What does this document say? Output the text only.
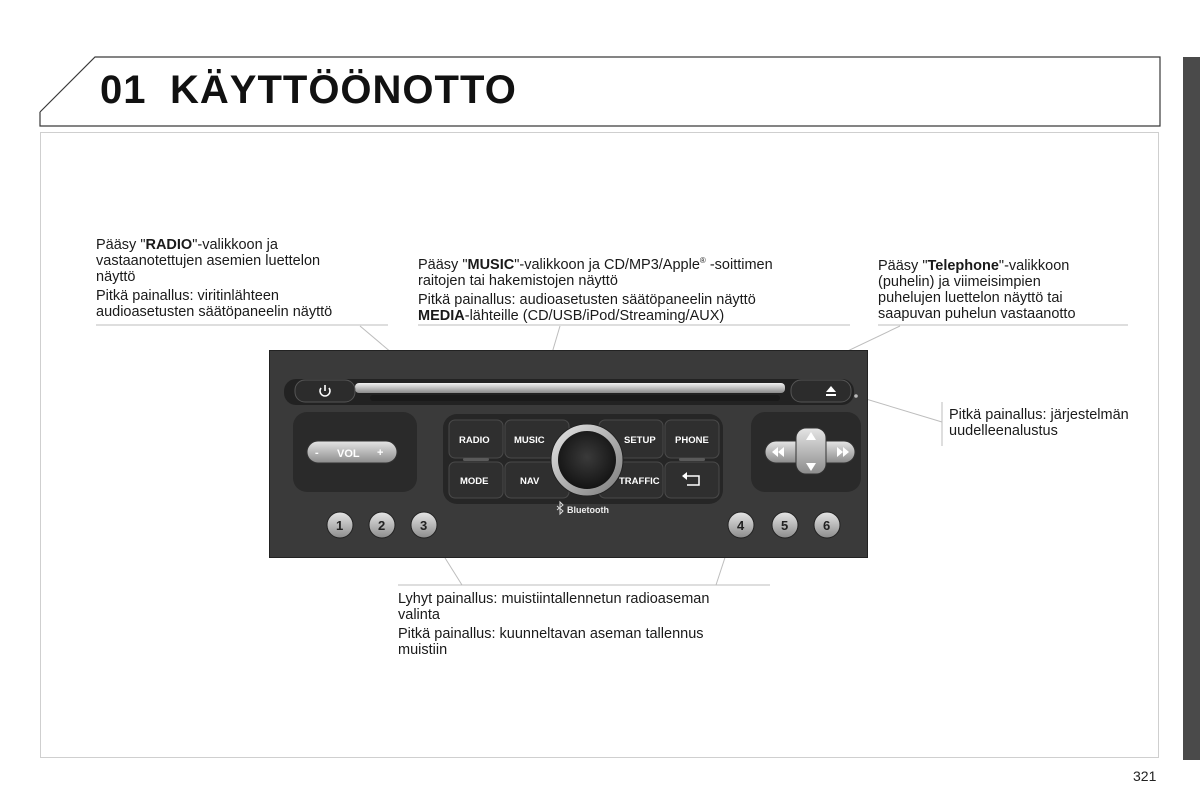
01 KÄYTTÖÖNOTTO

Pääsy "RADIO"-valikkoon ja
vastaanotettujen asemien luettelon
näyttö

Pitkä painallus: viritinlähteen
audioasetusten säätöpaneelin näyttö

Pääsy "MUSIC"-valikkoon ja CD/MP3/Apple® -soittimen
raitojen tai hakemistojen näyttö

Pitkä painallus: audioasetusten säätöpaneelin näyttö
MEDIA-lähteille (CD/USB/iPod/Streaming/AUX)

Pääsy "Telephone"-valikkoon
(puhelin) ja viimeisimpien
puhelujen luettelon näyttö tai
saapuvan puhelun vastaanotto

Pitkä painallus: järjestelmän
uudelleenalustus

Lyhyt painallus: muistiintallennetun radioaseman
valinta

Pitkä painallus: kuunneltavan aseman tallennus
muistiin

- VOL +
RADIO	MUSIC	SETUP PHONE
MODE	NAV	TRAFFIC
Bluetooth
1	2	3	4	5	6
321
